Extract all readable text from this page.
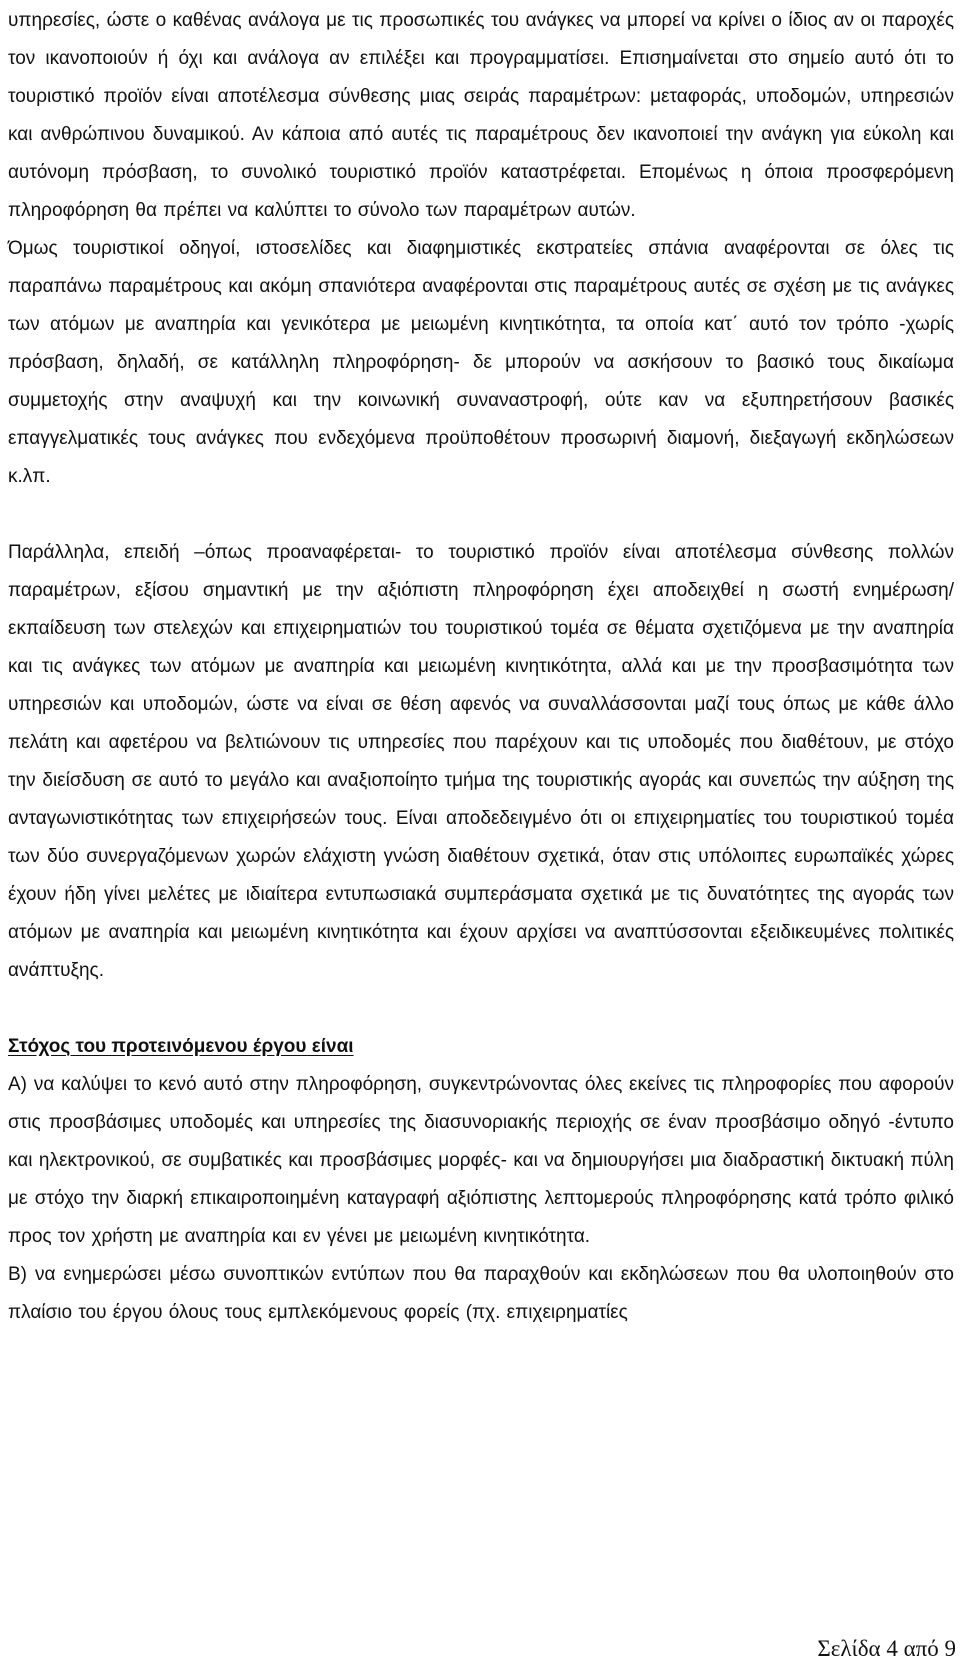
υπηρεσίες, ώστε ο καθένας ανάλογα με τις προσωπικές του ανάγκες να μπορεί να κρίνει ο ίδιος αν οι παροχές τον ικανοποιούν ή όχι και ανάλογα αν επιλέξει και προγραμματίσει. Επισημαίνεται στο σημείο αυτό ότι το τουριστικό προϊόν είναι αποτέλεσμα σύνθεσης μιας σειράς παραμέτρων: μεταφοράς, υποδομών, υπηρεσιών και ανθρώπινου δυναμικού. Αν κάποια από αυτές τις παραμέτρους δεν ικανοποιεί την ανάγκη για εύκολη και αυτόνομη πρόσβαση, το συνολικό τουριστικό προϊόν καταστρέφεται. Επομένως η όποια προσφερόμενη πληροφόρηση θα πρέπει να καλύπτει το σύνολο των παραμέτρων αυτών.

Όμως τουριστικοί οδηγοί, ιστοσελίδες και διαφημιστικές εκστρατείες σπάνια αναφέρονται σε όλες τις παραπάνω παραμέτρους και ακόμη σπανιότερα αναφέρονται στις παραμέτρους αυτές σε σχέση με τις ανάγκες των ατόμων με αναπηρία και γενικότερα με μειωμένη κινητικότητα, τα οποία κατ΄ αυτό τον τρόπο -χωρίς πρόσβαση, δηλαδή, σε κατάλληλη πληροφόρηση- δε μπορούν να ασκήσουν το βασικό τους δικαίωμα συμμετοχής στην αναψυχή και την κοινωνική συναναστροφή, ούτε καν να εξυπηρετήσουν βασικές επαγγελματικές τους ανάγκες που ενδεχόμενα προϋποθέτουν προσωρινή διαμονή, διεξαγωγή εκδηλώσεων κ.λπ.

Παράλληλα, επειδή –όπως προαναφέρεται- το τουριστικό προϊόν είναι αποτέλεσμα σύνθεσης πολλών παραμέτρων, εξίσου σημαντική με την αξιόπιστη πληροφόρηση έχει αποδειχθεί η σωστή ενημέρωση/ εκπαίδευση των στελεχών και επιχειρηματιών του τουριστικού τομέα σε θέματα σχετιζόμενα με την αναπηρία και τις ανάγκες των ατόμων με αναπηρία και μειωμένη κινητικότητα, αλλά και με την προσβασιμότητα των υπηρεσιών και υποδομών, ώστε να είναι σε θέση αφενός να συναλλάσσονται μαζί τους όπως με κάθε άλλο πελάτη και αφετέρου να βελτιώνουν τις υπηρεσίες που παρέχουν και τις υποδομές που διαθέτουν, με στόχο την διείσδυση σε αυτό το μεγάλο και αναξιοποίητο τμήμα της τουριστικής αγοράς και συνεπώς την αύξηση της ανταγωνιστικότητας των επιχειρήσεών τους. Είναι αποδεδειγμένο ότι οι επιχειρηματίες του τουριστικού τομέα των δύο συνεργαζόμενων χωρών ελάχιστη γνώση διαθέτουν σχετικά, όταν στις υπόλοιπες ευρωπαϊκές χώρες έχουν ήδη γίνει μελέτες με ιδιαίτερα εντυπωσιακά συμπεράσματα σχετικά με τις δυνατότητες της αγοράς των ατόμων με αναπηρία και μειωμένη κινητικότητα και έχουν αρχίσει να αναπτύσσονται εξειδικευμένες πολιτικές ανάπτυξης.

Στόχος του προτεινόμενου έργου είναι

Α) να καλύψει το κενό αυτό στην πληροφόρηση, συγκεντρώνοντας όλες εκείνες τις πληροφορίες που αφορούν στις προσβάσιμες υποδομές και υπηρεσίες της διασυνοριακής περιοχής σε έναν προσβάσιμο οδηγό -έντυπο και ηλεκτρονικού, σε συμβατικές και προσβάσιμες μορφές- και να δημιουργήσει μια διαδραστική δικτυακή πύλη με στόχο την διαρκή επικαιροποιημένη καταγραφή αξιόπιστης λεπτομερούς πληροφόρησης κατά τρόπο φιλικό προς τον χρήστη με αναπηρία και εν γένει με μειωμένη κινητικότητα.

Β) να ενημερώσει μέσω συνοπτικών εντύπων που θα παραχθούν και εκδηλώσεων που θα υλοποιηθούν στο πλαίσιο του έργου όλους τους εμπλεκόμενους φορείς (πχ. επιχειρηματίες

Σελίδα 4 από 9
